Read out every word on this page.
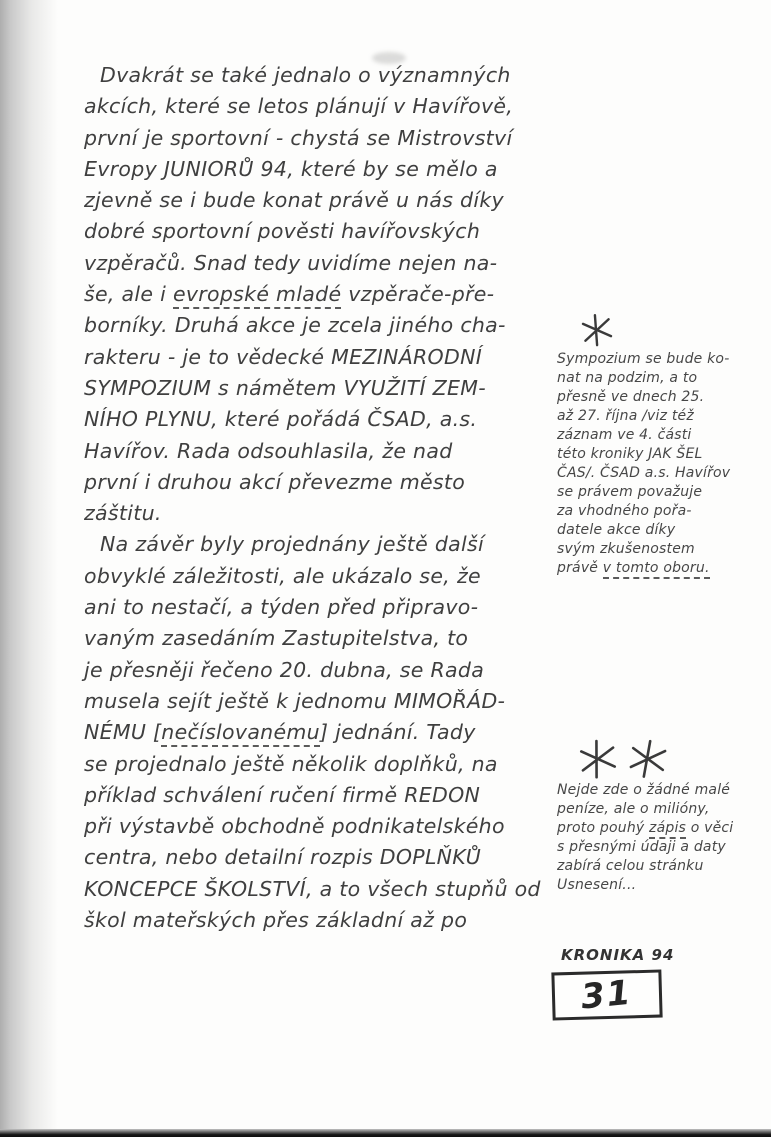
Dvakrát se také jednalo o významných
akcích, které se letos plánují v Havířově,
první je sportovní - chystá se Mistrovství
Evropy JUNIORŮ 94, které by se mělo a
zjevně se i bude konat právě u nás díky
dobré sportovní pověsti havířovských
vzpěračů. Snad tedy uvidíme nejen na-
še, ale i evropské mladé vzpěrače-pře-
borníky. Druhá akce je zcela jiného cha-
rakteru - je to vědecké MEZINÁRODNÍ
SYMPOZIUM s námětem VYUŽITÍ ZEM-
NÍHO PLYNU, které pořádá ČSAD, a.s.
Havířov. Rada odsouhlasila, že nad
první i druhou akcí převezme město
záštitu.
Na závěr byly projednány ještě další
obvyklé záležitosti, ale ukázalo se, že
ani to nestačí, a týden před připravo-
vaným zasedáním Zastupitelstva, to
je přesněji řečeno 20. dubna, se Rada
musela sejít ještě k jednomu MIMOŘÁD-
NÉMU [nečíslovanému] jednání. Tady
se projednalo ještě několik doplňků, na
příklad schválení ručení firmě REDON
při výstavbě obchodně podnikatelského
centra, nebo detailní rozpis DOPLŇKŮ
KONCEPCE ŠKOLSTVÍ, a to všech stupňů od
škol mateřských přes základní až po
Sympozium se bude ko-
nat na podzim, a to
přesně ve dnech 25.
až 27. října /viz též
záznam ve 4. části
této kroniky JAK ŠEL
ČAS/. ČSAD a.s. Havířov
se právem považuje
za vhodného pořa-
datele akce díky
svým zkušenostem
právě v tomto oboru.
Nejde zde o žádné malé
peníze, ale o milióny,
proto pouhý zápis o věci
s přesnými údaji a daty
zabírá celou stránku
Usnesení...
KRONIKA 94
31
